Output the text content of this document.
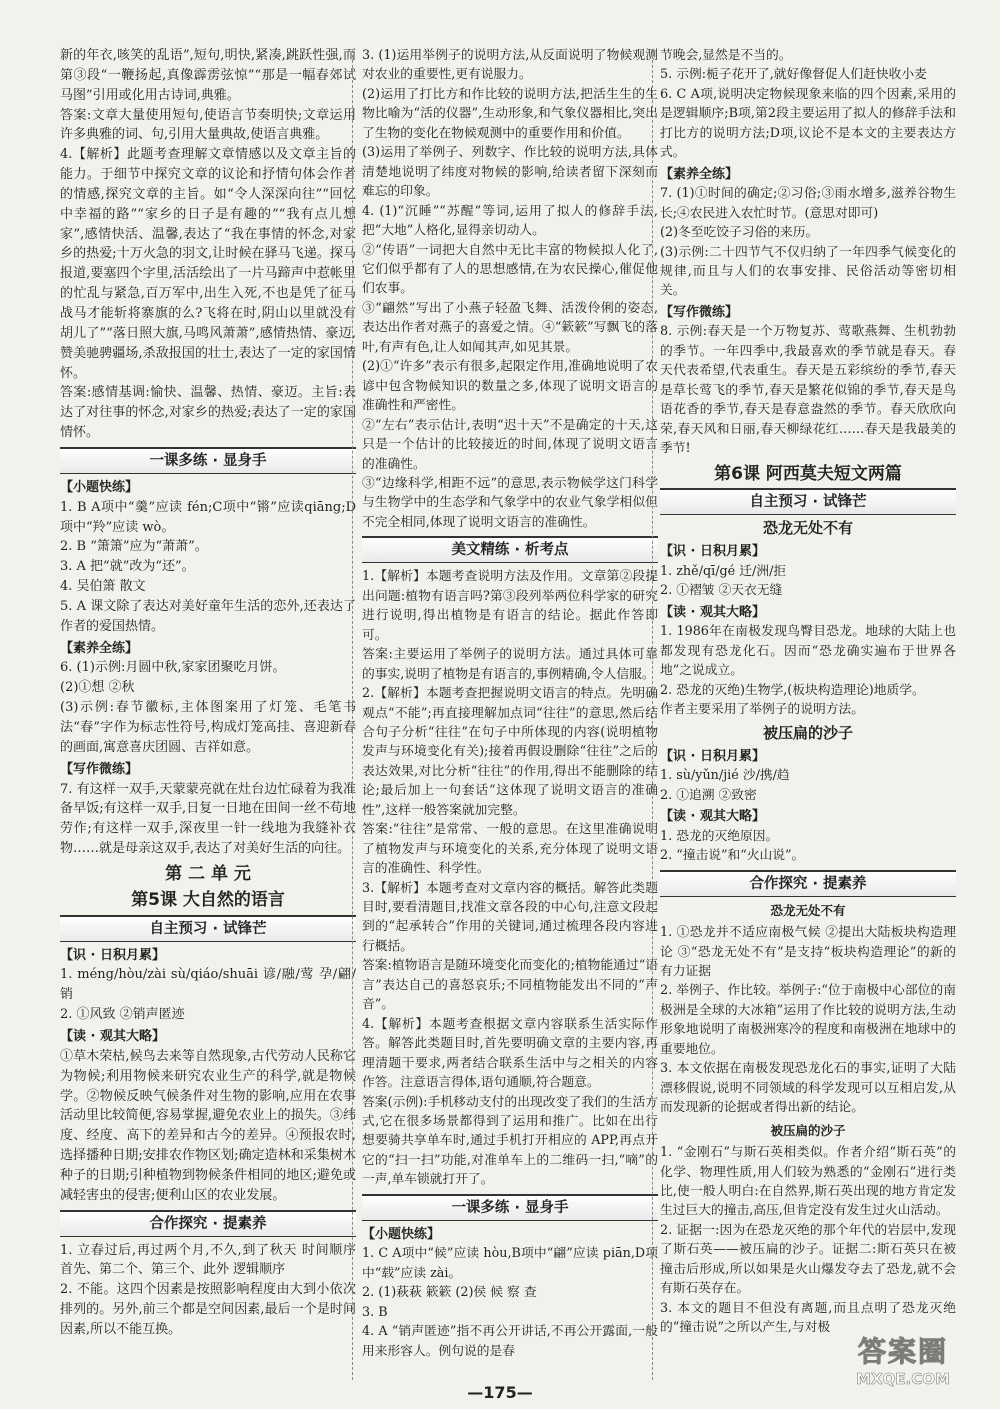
新的年衣,咳笑的乱语”,短句,明快,紧凑,跳跃性强,而第③段“一鞭扬起,真像霹雳弦惊”“那是一幅春郊试马图”引用或化用古诗词,典雅。
答案:文章大量使用短句,使语言节奏明快;文章运用许多典雅的词、句,引用大量典故,使语言典雅。
4.【解析】此题考查理解文章情感以及文章主旨的能力。于细节中探究文章的议论和抒情句体会作者的情感,探究文章的主旨。如“令人深深向往”“回忆中幸福的路”“家乡的日子是有趣的”“我有点儿想家”,感情快活、温馨,表达了“我在事情的怀念,对家乡的热爱;十万火急的羽文,让时候在驿马飞递。探马报道,要塞四个字里,活活绘出了一片马蹄声中惹帐里的忙乱与紧急,百万军中,出生入死,不也是凭了征马战马才能斩将寨旗的么?飞将在时,阴山以里就没有胡儿了”“落日照大旗,马鸣风萧萧”,感情热情、豪迈,赞美驰骋疆场,杀敌报国的壮士,表达了一定的家国情怀。
答案:感情基调:愉快、温馨、热情、豪迈。主旨:表达了对往事的怀念,对家乡的热爱;表达了一定的家国情怀。
一课多练 · 显身手
【小题快练】
1. B A项中“羹”应读 fén;C项中“锵”应读qiāng;D项中“羚”应读 wò。
2. B “箫箫”应为“萧萧”。
3. A 把“就”改为“还”。
4. 吴伯箫 散文
5. A 课文除了表达对美好童年生活的恋外,还表达了作者的爱国热情。
【素养全练】
6. (1)示例:月圆中秋,家家团聚吃月饼。
(2)①想 ②秋
(3)示例:春节徽标,主体图案用了灯笼、毛笔书法“春”字作为标志性符号,构成灯笼高挂、喜迎新春的画面,寓意喜庆团圆、吉祥如意。
【写作微练】
7. 有这样一双手,天蒙蒙亮就在灶台边忙碌着为我准备早饭;有这样一双手,日复一日地在田间一丝不苟地劳作;有这样一双手,深夜里一针一线地为我缝补衣物……就是母亲这双手,表达了对美好生活的向往。
第 二 单 元
第5课 大自然的语言
自主预习 · 试锋芒
【识 · 日积月累】
1. méng/hòu/zài sù/qiáo/shuāi 谚/融/莺 孕/翩/销
2. ①风致 ②销声匿迹
【读 · 观其大略】
①草木荣枯,候鸟去来等自然现象,古代劳动人民称它为物候;利用物候来研究农业生产的科学,就是物候学。②物候反映气候条件对生物的影响,应用在农事活动里比较简便,容易掌握,避免农业上的损失。③纬度、经度、高下的差异和古今的差异。④预报农时,选择播种日期;安排农作物区划;确定造林和采集树木种子的日期;引种植物到物候条件相同的地区;避免或减轻害虫的侵害;便利山区的农业发展。
合作探究 · 提素养
1. 立春过后,再过两个月,不久,到了秋天 时间顺序 首先、第二个、第三个、此外 逻辑顺序
2. 不能。这四个因素是按照影响程度由大到小依次排列的。另外,前三个都是空间因素,最后一个是时间因素,所以不能互换。
3. (1)运用举例子的说明方法,从反面说明了物候观测对农业的重要性,更有说服力。
(2)运用了打比方和作比较的说明方法,把活生生的生物比喻为“活的仪器”,生动形象,和气象仪器相比,突出了生物的变化在物候观测中的重要作用和价值。
(3)运用了举例子、列数字、作比较的说明方法,具体清楚地说明了纬度对物候的影响,给读者留下深刻而难忘的印象。
4. (1)“沉睡”“苏醒”等词,运用了拟人的修辞手法,把“大地”人格化,显得亲切动人。
②“传语”一词把大自然中无比丰富的物候拟人化了,它们似乎都有了人的思想感情,在为农民操心,催促他们农事。
③“翩然”写出了小燕子轻盈飞舞、活泼伶俐的姿态,表达出作者对燕子的喜爱之情。④“簌簌”写飘飞的落叶,有声有色,让人如闻其声,如见其景。
(2)①“许多”表示有很多,起限定作用,准确地说明了农谚中包含物候知识的数量之多,体现了说明文语言的准确性和严密性。
②“左右”表示估计,表明“迟十天”不是确定的十天,这只是一个估计的比较接近的时间,体现了说明文语言的准确性。
③“边缘科学,相距不远”的意思,表示物候学这门科学与生物学中的生态学和气象学中的农业气象学相似但不完全相同,体现了说明文语言的准确性。
美文精练 · 析考点
1.【解析】本题考查说明方法及作用。文章第②段提出问题:植物有语言吗?第③段列举两位科学家的研究进行说明,得出植物是有语言的结论。据此作答即可。
答案:主要运用了举例子的说明方法。通过具体可靠的事实,说明了植物是有语言的,事例精确,令人信服。
2.【解析】本题考查把握说明文语言的特点。先明确观点“不能”;再直接理解加点词“往往”的意思,然后结合句子分析“往往”在句子中所体现的内容(说明植物发声与环境变化有关);接着再假设删除“往往”之后的表达效果,对比分析“往往”的作用,得出不能删除的结论;最后加上一句套话“这体现了说明文语言的准确性”,这样一般答案就加完整。
答案:“往往”是常常、一般的意思。在这里准确说明了植物发声与环境变化的关系,充分体现了说明文语言的准确性、科学性。
3.【解析】本题考查对文章内容的概括。解答此类题目时,要看清题目,找准文章各段的中心句,注意文段起到的“起承转合”作用的关键词,通过梳理各段内容进行概括。
答案:植物语言是随环境变化而变化的;植物能通过“语言”表达自己的喜怒哀乐;不同植物能发出不同的“声音”。
4.【解析】本题考查根据文章内容联系生活实际作答。解答此类题目时,首先要明确文章的主要内容,再理清题干要求,两者结合联系生活中与之相关的内容作答。注意语言得体,语句通顺,符合题意。
答案(示例):手机移动支付的出现改变了我们的生活方式,它在很多场景都得到了运用和推广。比如在出行想要骑共享单车时,通过手机打开相应的 APP,再点开它的“扫一扫”功能,对准单车上的二维码一扫,“嘀”的一声,单车锁就打开了。
一课多练 · 显身手
【小题快练】
1. C A项中“候”应读 hòu,B项中“翩”应读 piān,D项中“载”应读 zài。
2. (1)萩萩 簌簌 (2)侯 候 察 查
3. B
4. A “销声匿迹”指不再公开讲话,不再公开露面,一般用来形容人。例句说的是春
节晚会,显然是不当的。
5. 示例:栀子花开了,就好像督促人们赶快收小麦
6. C A项,说明决定物候现象来临的四个因素,采用的是逻辑顺序;B项,第2段主要运用了拟人的修辞手法和打比方的说明方法;D项,议论不是本文的主要表达方式。
【素养全练】
7. (1)①时间的确定;②习俗;③雨水增多,滋养谷物生长;④农民进入农忙时节。(意思对即可)
(2)冬至吃饺子习俗的来历。
(3)示例:二十四节气不仅归纳了一年四季气候变化的规律,而且与人们的农事安排、民俗活动等密切相关。
【写作微练】
8. 示例:春天是一个万物复苏、莺歌燕舞、生机勃勃的季节。一年四季中,我最喜欢的季节就是春天。春天代表希望,代表重生。春天是五彩缤纷的季节,春天是草长莺飞的季节,春天是繁花似锦的季节,春天是鸟语花香的季节,春天是春意盎然的季节。春天欣欣向荣,春天风和日丽,春天柳绿花红……春天是我最美的季节!
第6课 阿西莫夫短文两篇
自主预习 · 试锋芒
恐龙无处不有
【识 · 日积月累】
1. zhě/qī/gé 迁/洲/拒
2. ①褶皱 ②天衣无缝
【读 · 观其大略】
1. 1986年在南极发现鸟臀目恐龙。地球的大陆上也都发现有恐龙化石。因而“恐龙确实遍布于世界各地”之说成立。
2. 恐龙的灭绝)生物学,(板块构造理论)地质学。
作者主要采用了举例子的说明方法。
被压扁的沙子
【识 · 日积月累】
1. sù/yǔn/jié 沙/携/趋
2. ①追溯 ②致密
【读 · 观其大略】
1. 恐龙的灭绝原因。
2. “撞击说”和“火山说”。
合作探究 · 提素养
恐龙无处不有
1. ①恐龙并不适应南极气候 ②提出大陆板块构造理论 ③“恐龙无处不有”是支持“板块构造理论”的新的有力证据
2. 举例子、作比较。举例子:“位于南极中心部位的南极洲是全球的大冰箱”运用了作比较的说明方法,生动形象地说明了南极洲寒冷的程度和南极洲在地球中的重要地位。
3. 本文依据在南极发现恐龙化石的事实,证明了大陆漂移假说,说明不同领域的科学发现可以互相启发,从而发现新的论据或者得出新的结论。
被压扁的沙子
1. “金刚石”与斯石英相类似。作者介绍“斯石英”的化学、物理性质,用人们较为熟悉的“金刚石”进行类比,使一般人明白:在自然界,斯石英出现的地方肯定发生过巨大的撞击,高压,但肯定没有发生过火山活动。
2. 证据一:因为在恐龙灭绝的那个年代的岩层中,发现了斯石英——被压扁的沙子。证据二:斯石英只在被撞击后形成,所以如果是火山爆发夺去了恐龙,就不会有斯石英存在。
3. 本文的题目不但没有离题,而且点明了恐龙灭绝的“撞击说”之所以产生,与对极
—175—
答案圈
MXQE.COM
